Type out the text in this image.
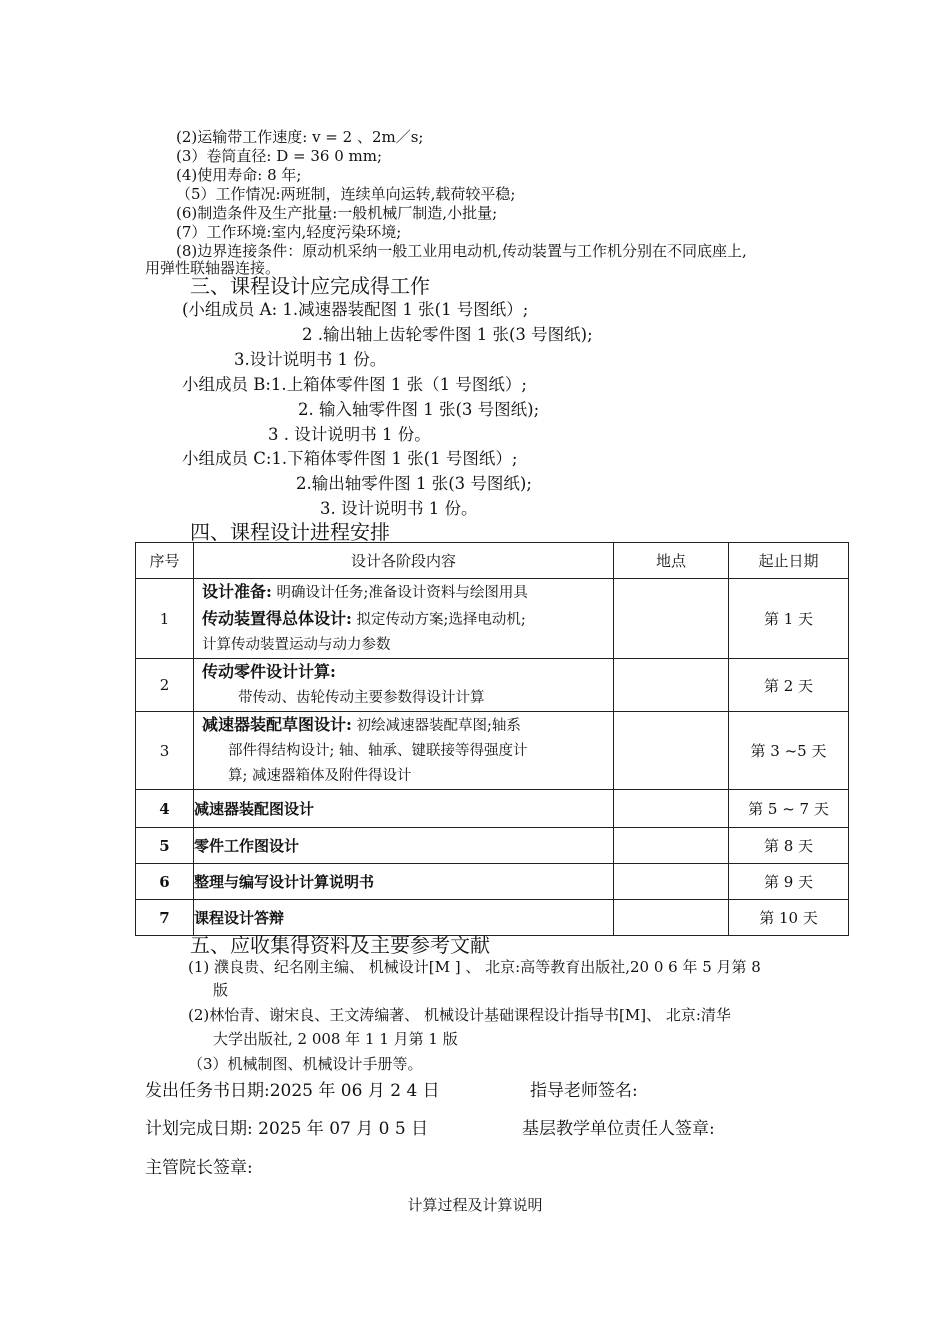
(2)运输带工作速度: v = 2 、2m／s;
(3）卷筒直径: D = 36 0 mm;
(4)使用寿命: 8 年;
（5）工作情况:两班制，连续单向运转,载荷较平稳;
(6)制造条件及生产批量:一般机械厂制造,小批量;
(7）工作环境:室内,轻度污染环境;
(8)边界连接条件：原动机采纳一般工业用电动机,传动装置与工作机分别在不同底座上,
用弹性联轴器连接。
三、课程设计应完成得工作
(小组成员 A: 1.减速器装配图 1 张(1 号图纸）;
2 .输出轴上齿轮零件图 1 张(3 号图纸);
3.设计说明书 1 份。
小组成员 B:1.上箱体零件图 1 张（1 号图纸）;
2. 输入轴零件图 1 张(3 号图纸);
3 . 设计说明书 1 份。
小组成员 C:1.下箱体零件图 1 张(1 号图纸）;
2.输出轴零件图 1 张(3 号图纸);
3. 设计说明书 1 份。
四、课程设计进程安排
序号	设计各阶段内容	地点	起止日期
1	设计准备: 明确设计任务;准备设计资料与绘图用具
传动装置得总体设计: 拟定传动方案;选择电动机;
计算传动装置运动与动力参数		第 1 天
2	传动零件设计计算:
带传动、齿轮传动主要参数得设计计算		第 2 天
3	减速器装配草图设计: 初绘减速器装配草图;轴系
部件得结构设计; 轴、轴承、键联接等得强度计
算; 减速器箱体及附件得设计		第 3 ~5 天
4	减速器装配图设计		第 5 ~ 7 天
5	零件工作图设计		第 8 天
6	整理与编写设计计算说明书		第 9 天
7	课程设计答辩		第 10 天
五、应收集得资料及主要参考文献
(1) 濮良贵、纪名刚主编、 机械设计[M ] 、 北京:高等教育出版社,20 0 6 年 5 月第 8
版
(2)林怡青、谢宋良、王文涛编著、 机械设计基础课程设计指导书[M]、 北京:清华
大学出版社, 2 008 年 1 1 月第 1 版
（3）机械制图、机械设计手册等。
发出任务书日期:2025 年 06 月 2 4 日	指导老师签名:
计划完成日期: 2025 年 07 月 0 5 日	基层教学单位责任人签章:
主管院长签章:
计算过程及计算说明
